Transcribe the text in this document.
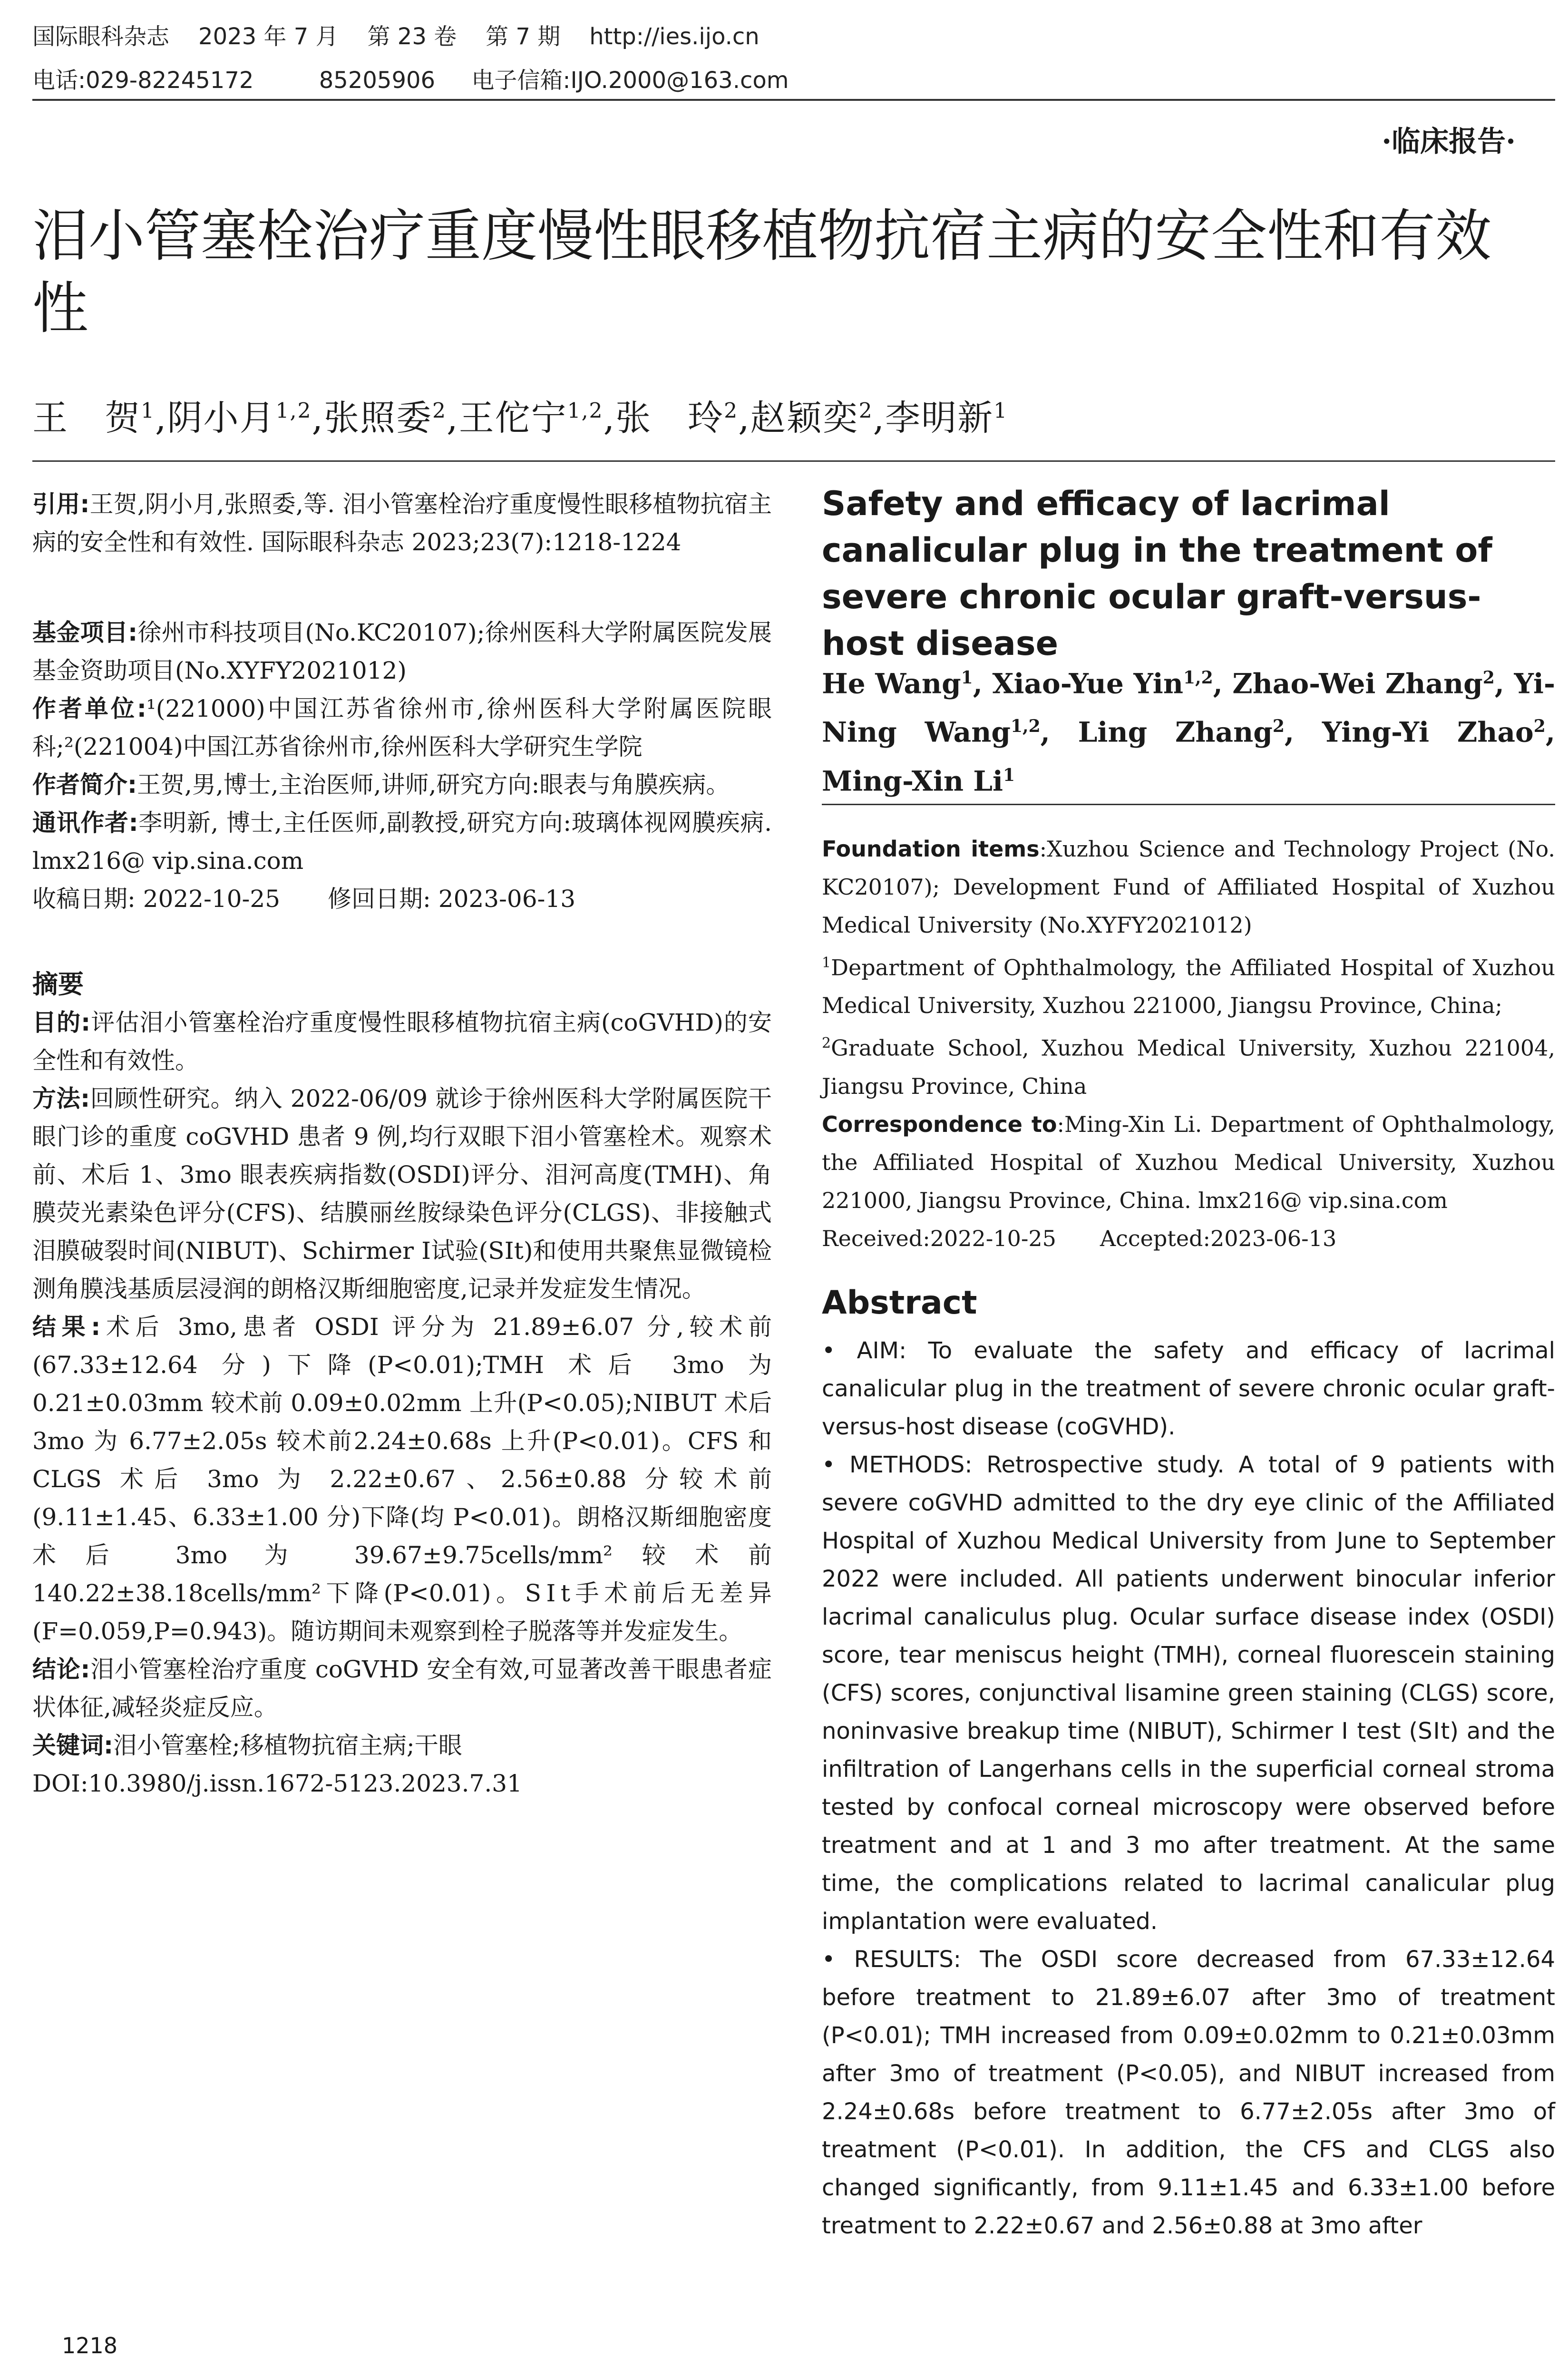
国际眼科杂志    2023 年 7 月    第 23 卷    第 7 期    http://ies.ijo.cn
电话:029-82245172         85205906     电子信箱:IJO.2000@163.com
·临床报告·
泪小管塞栓治疗重度慢性眼移植物抗宿主病的安全性和有效性
王　贺$^1$,阴小月$^{1,2}$,张照委$^2$,王佗宁$^{1,2}$,张　玲$^2$,赵颖奕$^2$,李明新$^1$

引用:王贺,阴小月,张照委,等. 泪小管塞栓治疗重度慢性眼移植物抗宿主病的安全性和有效性. 国际眼科杂志 2023;23(7):1218-1224

基金项目:徐州市科技项目(No.KC20107);徐州医科大学附属医院发展基金资助项目(No.XYFY2021012)

作者单位:¹(221000)中国江苏省徐州市,徐州医科大学附属医院眼科;²(221004)中国江苏省徐州市,徐州医科大学研究生学院

作者简介:王贺,男,博士,主治医师,讲师,研究方向:眼表与角膜疾病。

通讯作者:李明新, 博士,主任医师,副教授,研究方向:玻璃体视网膜疾病. lmx216@ vip.sina.com

收稿日期: 2022-10-25　　修回日期: 2023-06-13

摘要

目的:评估泪小管塞栓治疗重度慢性眼移植物抗宿主病(coGVHD)的安全性和有效性。

方法:回顾性研究。纳入 2022-06/09 就诊于徐州医科大学附属医院干眼门诊的重度 coGVHD 患者 9 例,均行双眼下泪小管塞栓术。观察术前、术后 1、3mo 眼表疾病指数(OSDI)评分、泪河高度(TMH)、角膜荧光素染色评分(CFS)、结膜丽丝胺绿染色评分(CLGS)、非接触式泪膜破裂时间(NIBUT)、Schirmer Ⅰ试验(SⅠt)和使用共聚焦显微镜检测角膜浅基质层浸润的朗格汉斯细胞密度,记录并发症发生情况。

结果:术后 3mo,患者 OSDI 评分为 21.89±6.07 分,较术前(67.33±12.64 分)下降(P<0.01);TMH 术后 3mo 为 0.21±0.03mm 较术前 0.09±0.02mm 上升(P<0.05);NIBUT 术后 3mo 为 6.77±2.05s 较术前2.24±0.68s 上升(P<0.01)。CFS 和 CLGS 术后 3mo 为 2.22±0.67、2.56±0.88 分较术前(9.11±1.45、6.33±1.00 分)下降(均 P<0.01)。朗格汉斯细胞密度术后 3mo 为 39.67±9.75cells/mm²较术前 140.22±38.18cells/mm²下降(P<0.01)。SⅠt手术前后无差异(F=0.059,P=0.943)。随访期间未观察到栓子脱落等并发症发生。

结论:泪小管塞栓治疗重度 coGVHD 安全有效,可显著改善干眼患者症状体征,减轻炎症反应。

关键词:泪小管塞栓;移植物抗宿主病;干眼

DOI:10.3980/j.issn.1672-5123.2023.7.31

Safety and efficacy of lacrimal canalicular plug in the treatment of severe chronic ocular graft-versus-host disease
He Wang$^1$, Xiao-Yue Yin$^{1,2}$, Zhao-Wei Zhang$^2$, Yi-Ning Wang$^{1,2}$, Ling Zhang$^2$, Ying-Yi Zhao$^2$, Ming-Xin Li$^1$

Foundation items:Xuzhou Science and Technology Project (No. KC20107); Development Fund of Affiliated Hospital of Xuzhou Medical University (No.XYFY2021012)

$^1$Department of Ophthalmology, the Affiliated Hospital of Xuzhou Medical University, Xuzhou 221000, Jiangsu Province, China;

$^2$Graduate School, Xuzhou Medical University, Xuzhou 221004, Jiangsu Province, China

Correspondence to:Ming-Xin Li. Department of Ophthalmology, the Affiliated Hospital of Xuzhou Medical University, Xuzhou 221000, Jiangsu Province, China. lmx216@ vip.sina.com

Received:2022-10-25　　Accepted:2023-06-13

Abstract

• AIM: To evaluate the safety and efficacy of lacrimal canalicular plug in the treatment of severe chronic ocular graft-versus-host disease (coGVHD).

• METHODS: Retrospective study. A total of 9 patients with severe coGVHD admitted to the dry eye clinic of the Affiliated Hospital of Xuzhou Medical University from June to September 2022 were included. All patients underwent binocular inferior lacrimal canaliculus plug. Ocular surface disease index (OSDI) score, tear meniscus height (TMH), corneal fluorescein staining (CFS) scores, conjunctival lisamine green staining (CLGS) score, noninvasive breakup time (NIBUT), Schirmer Ⅰ test (SⅠt) and the infiltration of Langerhans cells in the superficial corneal stroma tested by confocal corneal microscopy were observed before treatment and at 1 and 3 mo after treatment. At the same time, the complications related to lacrimal canalicular plug implantation were evaluated.

• RESULTS: The OSDI score decreased from 67.33±12.64 before treatment to 21.89±6.07 after 3mo of treatment (P<0.01); TMH increased from 0.09±0.02mm to 0.21±0.03mm after 3mo of treatment (P<0.05), and NIBUT increased from 2.24±0.68s before treatment to 6.77±2.05s after 3mo of treatment (P<0.01). In addition, the CFS and CLGS also changed significantly, from 9.11±1.45 and 6.33±1.00 before treatment to 2.22±0.67 and 2.56±0.88 at 3mo after

1218
